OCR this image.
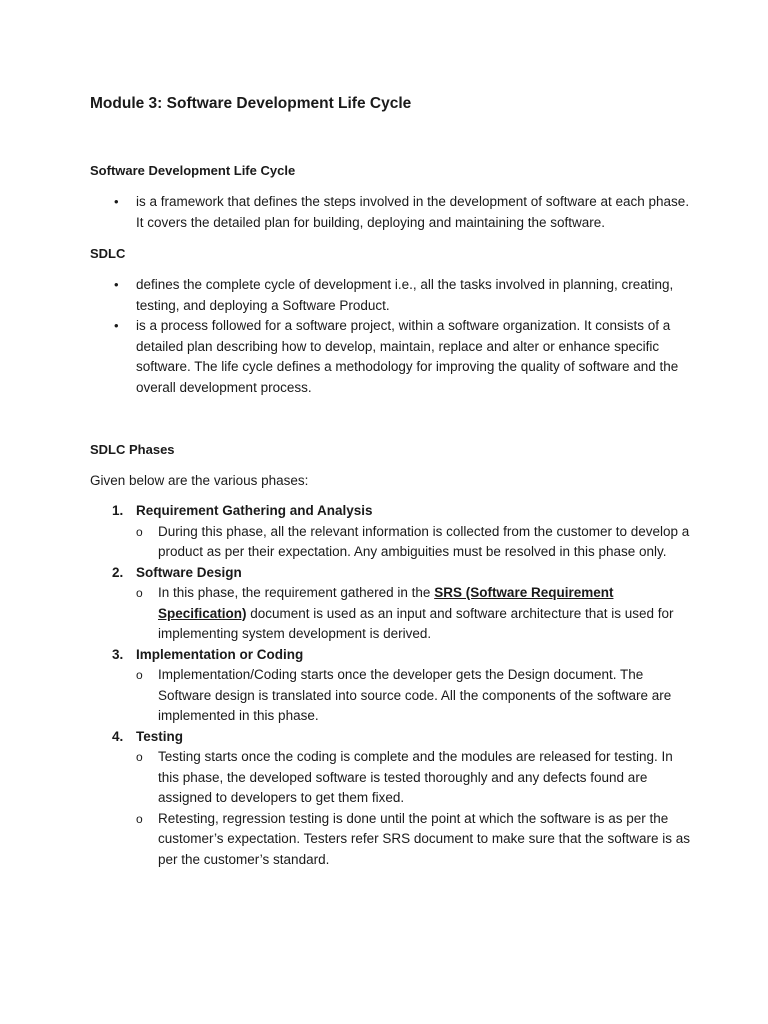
Module 3: Software Development Life Cycle
Software Development Life Cycle
• is a framework that defines the steps involved in the development of software at each phase. It covers the detailed plan for building, deploying and maintaining the software.
SDLC
• defines the complete cycle of development i.e., all the tasks involved in planning, creating, testing, and deploying a Software Product.
• is a process followed for a software project, within a software organization. It consists of a detailed plan describing how to develop, maintain, replace and alter or enhance specific software. The life cycle defines a methodology for improving the quality of software and the overall development process.
SDLC Phases

Given below are the various phases:

1. Requirement Gathering and Analysis
o During this phase, all the relevant information is collected from the customer to develop a product as per their expectation. Any ambiguities must be resolved in this phase only.
2. Software Design
o In this phase, the requirement gathered in the SRS (Software Requirement Specification) document is used as an input and software architecture that is used for implementing system development is derived.
3. Implementation or Coding
o Implementation/Coding starts once the developer gets the Design document. The Software design is translated into source code. All the components of the software are implemented in this phase.
4. Testing
o Testing starts once the coding is complete and the modules are released for testing. In this phase, the developed software is tested thoroughly and any defects found are assigned to developers to get them fixed.
o Retesting, regression testing is done until the point at which the software is as per the customer’s expectation. Testers refer SRS document to make sure that the software is as per the customer’s standard.
